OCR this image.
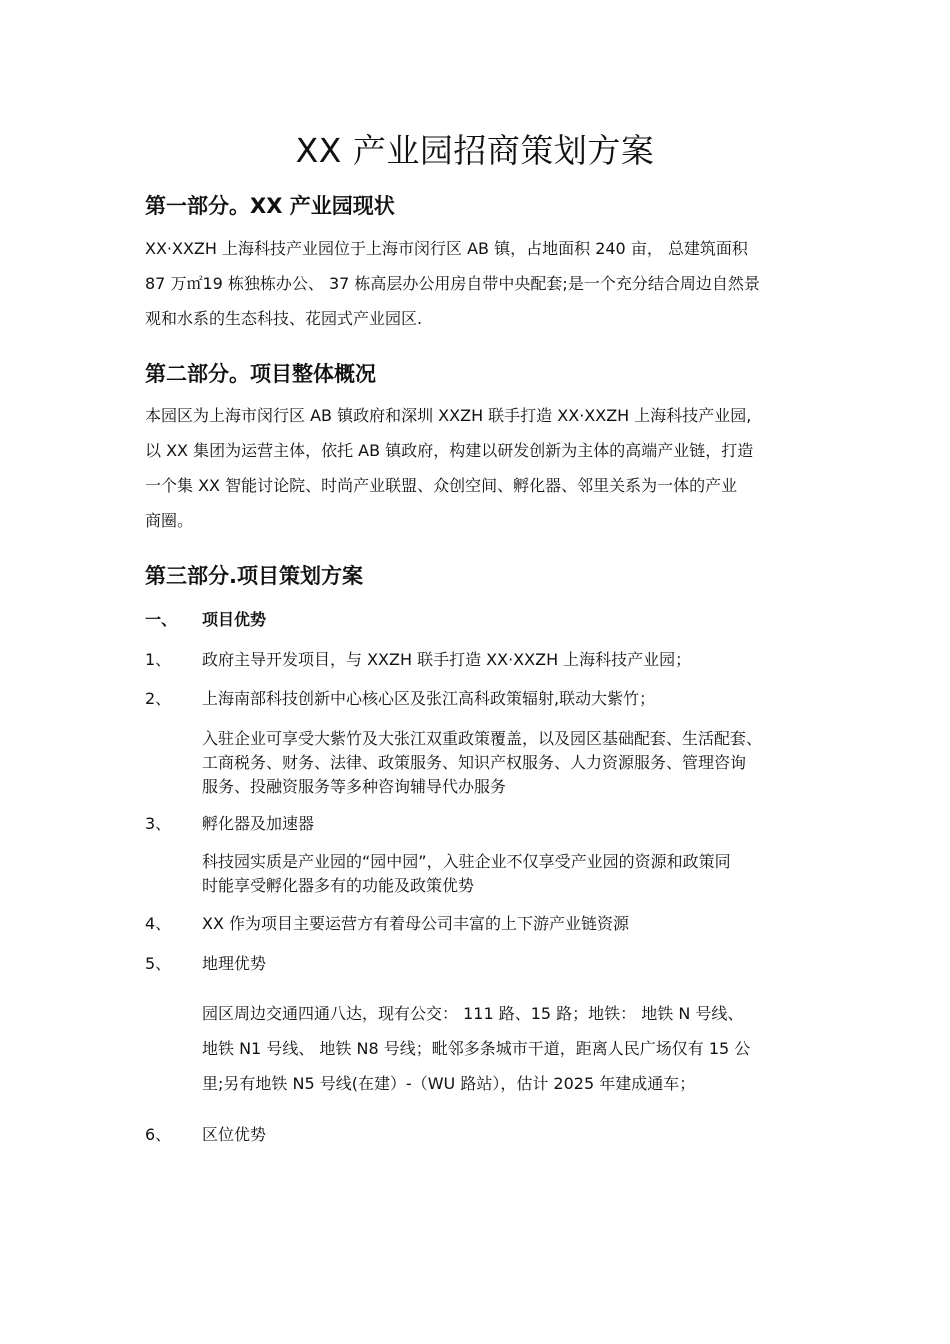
XX 产业园招商策划方案
第一部分。XX 产业园现状
XX·XXZH 上海科技产业园位于上海市闵行区 AB 镇，占地面积 240 亩， 总建筑面积
87 万㎡19 栋独栋办公、 37 栋高层办公用房自带中央配套;是一个充分结合周边自然景
观和水系的生态科技、花园式产业园区.
第二部分。项目整体概况
本园区为上海市闵行区 AB 镇政府和深圳 XXZH 联手打造 XX·XXZH 上海科技产业园,
以 XX 集团为运营主体，依托 AB 镇政府，构建以研发创新为主体的高端产业链，打造
一个集 XX 智能讨论院、时尚产业联盟、众创空间、孵化器、邻里关系为一体的产业
商圈。
第三部分.项目策划方案
一、 项目优势
1、 政府主导开发项目，与 XXZH 联手打造 XX·XXZH 上海科技产业园；
2、 上海南部科技创新中心核心区及张江高科政策辐射,联动大紫竹；
入驻企业可享受大紫竹及大张江双重政策覆盖，以及园区基础配套、生活配套、
工商税务、财务、法律、政策服务、知识产权服务、人力资源服务、管理咨询
服务、投融资服务等多种咨询辅导代办服务
3、 孵化器及加速器
科技园实质是产业园的“园中园”，入驻企业不仅享受产业园的资源和政策同
时能享受孵化器多有的功能及政策优势
4、 XX 作为项目主要运营方有着母公司丰富的上下游产业链资源
5、 地理优势
园区周边交通四通八达，现有公交： 111 路、15 路；地铁： 地铁 N 号线、
地铁 N1 号线、 地铁 N8 号线；毗邻多条城市干道，距离人民广场仅有 15 公
里;另有地铁 N5 号线(在建）-（WU 路站），估计 2025 年建成通车；
6、 区位优势
